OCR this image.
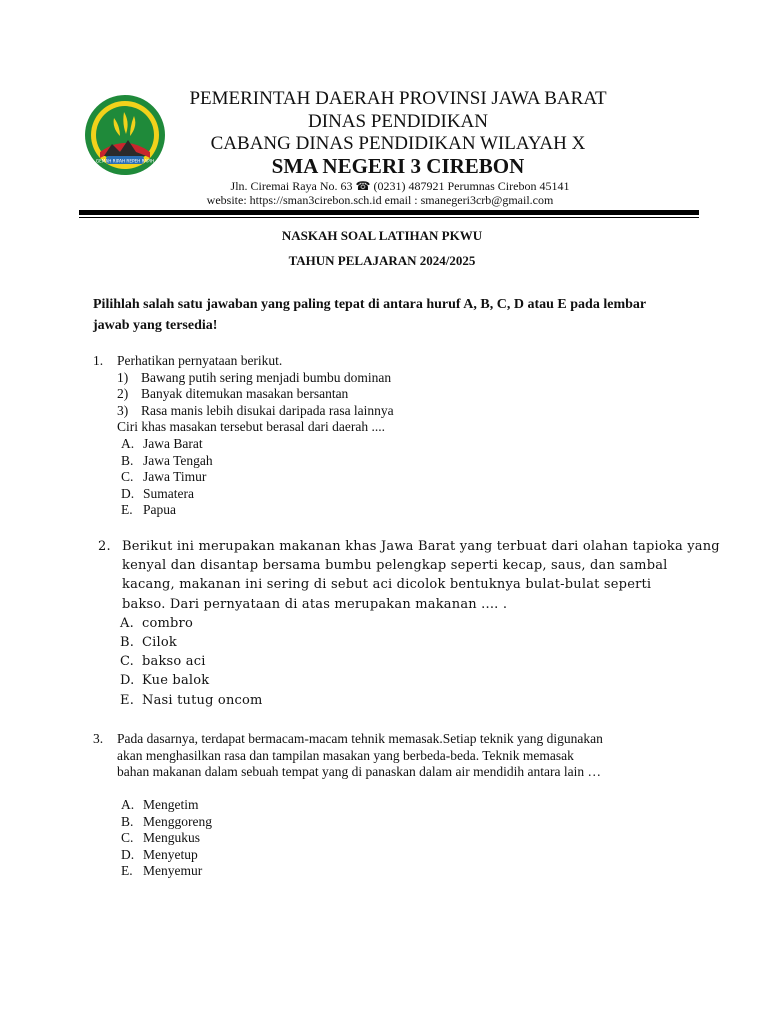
GEMAH RIPAH REPEH RAPIH
PEMERINTAH DAERAH PROVINSI JAWA BARAT
DINAS PENDIDIKAN
CABANG DINAS PENDIDIKAN WILAYAH X
SMA NEGERI 3 CIREBON
Jln. Ciremai Raya No. 63 ☎ (0231) 487921 Perumnas Cirebon 45141
website: https://sman3cirebon.sch.id email : smanegeri3crb@gmail.com
NASKAH SOAL LATIHAN PKWU
TAHUN PELAJARAN 2024/2025
Pilihlah salah satu jawaban yang paling tepat di antara huruf A, B, C, D atau E pada lembar jawab yang tersedia!
1. Perhatikan pernyataan berikut.
1) Bawang putih sering menjadi bumbu dominan
2) Banyak ditemukan masakan bersantan
3) Rasa manis lebih disukai daripada rasa lainnya
Ciri khas masakan tersebut berasal dari daerah ....
A. Jawa Barat
B. Jawa Tengah
C. Jawa Timur
D. Sumatera
E. Papua
2. Berikut ini merupakan makanan khas Jawa Barat yang terbuat dari olahan tapioka yang
kenyal dan disantap bersama bumbu pelengkap seperti kecap, saus, dan sambal
kacang, makanan ini sering di sebut aci dicolok bentuknya bulat-bulat seperti
bakso. Dari pernyataan di atas merupakan makanan .... .
A. combro
B. Cilok
C. bakso aci
D. Kue balok
E. Nasi tutug oncom
3. Pada dasarnya, terdapat bermacam-macam tehnik memasak.Setiap teknik yang digunakan
akan menghasilkan rasa dan tampilan masakan yang berbeda-beda. Teknik memasak
bahan makanan dalam sebuah tempat yang di panaskan dalam air mendidih antara lain …
A. Mengetim
B. Menggoreng
C. Mengukus
D. Menyetup
E. Menyemur
